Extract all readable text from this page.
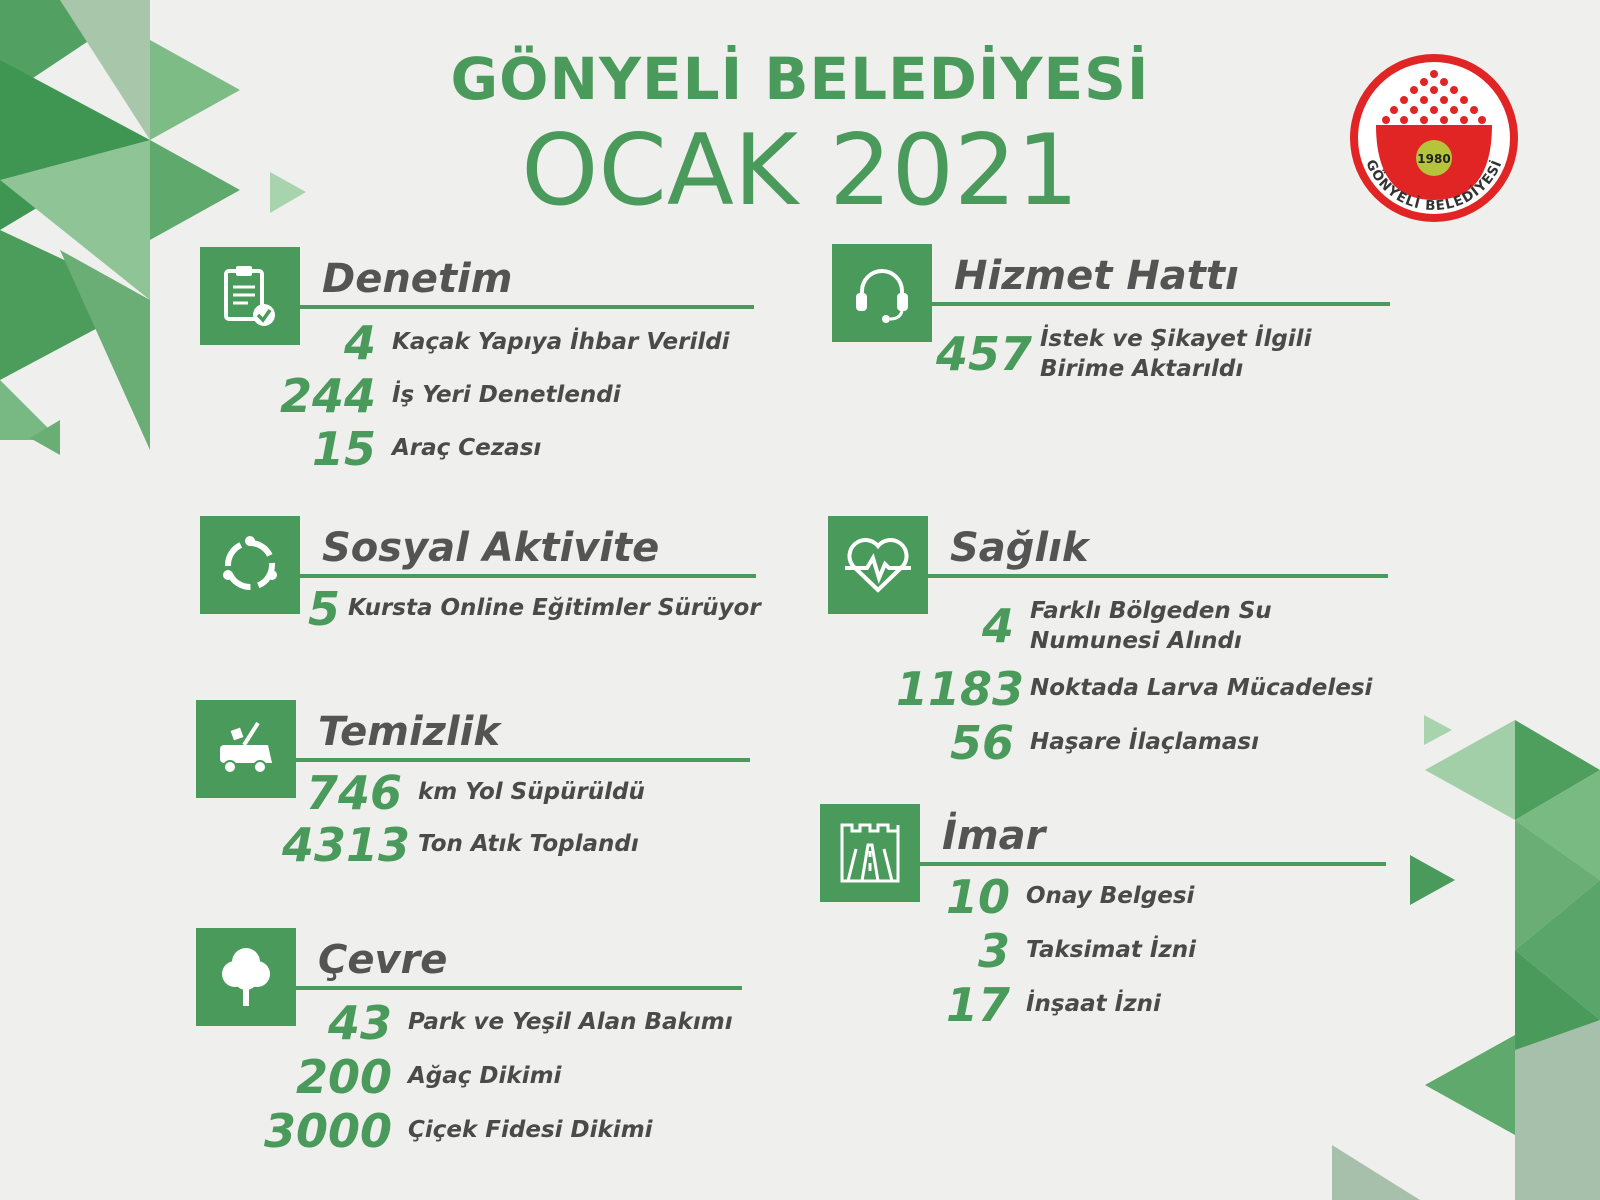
GÖNYELİ BELEDİYESİ
OCAK 2021	1980
GÖNYELİ BELEDİYESİ
Denetim
4 Kaçak Yapıya İhbar Verildi
244 İş Yeri Denetlendi
15 Araç Cezası
Hizmet Hattı
457 İstek ve Şikayet İlgili
Birime Aktarıldı
Sosyal Aktivite
5 Kursta Online Eğitimler Sürüyor
Sağlık
4 Farklı Bölgeden Su
Numunesi Alındı
1183 Noktada Larva Mücadelesi
56 Haşare İlaçlaması
Temizlik
746 km Yol Süpürüldü
4313 Ton Atık Toplandı	İmar
10 Onay Belgesi
3 Taksimat İzni
17 İnşaat İzni
Çevre
43 Park ve Yeşil Alan Bakımı
200 Ağaç Dikimi
3000 Çiçek Fidesi Dikimi
